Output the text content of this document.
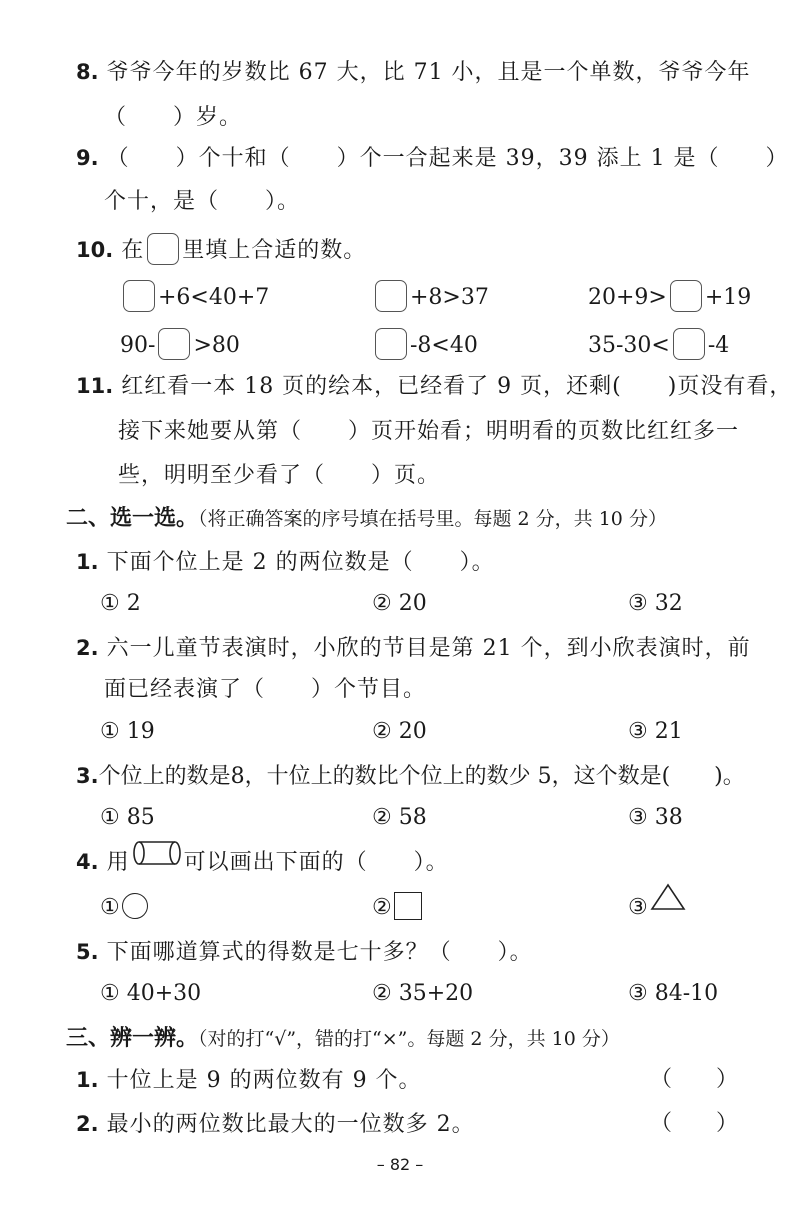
8. 爷爷今年的岁数比 67 大，比 71 小，且是一个单数，爷爷今年
（　　）岁。
9. （　　）个十和（　　）个一合起来是 39，39 添上 1 是（　　）
个十，是（　　）。
10. 在 里填上合适的数。
+6<40+7	+8>37	20+9> +19
90- >80	-8<40	35-30< -4
11. 红红看一本 18 页的绘本，已经看了 9 页，还剩(　　)页没有看，
接下来她要从第（　　）页开始看；明明看的页数比红红多一
些，明明至少看了（　　）页。
二、选一选。（将正确答案的序号填在括号里。每题 2 分，共 10 分）
1. 下面个位上是 2 的两位数是（　　）。
① 2	② 20	③ 32
2. 六一儿童节表演时，小欣的节目是第 21 个，到小欣表演时，前
面已经表演了（　　）个节目。
① 19	② 20	③ 21
3.个位上的数是8，十位上的数比个位上的数少 5，这个数是(　　)。
① 85	② 58	③ 38
4. 用 可以画出下面的（　　）。
①	②	③
5. 下面哪道算式的得数是七十多？（　　）。
① 40+30	② 35+20	③ 84-10
三、辨一辨。（对的打“√”，错的打“×”。每题 2 分，共 10 分）
1. 十位上是 9 的两位数有 9 个。	（　　）
2. 最小的两位数比最大的一位数多 2。	（　　）
– 82 –
